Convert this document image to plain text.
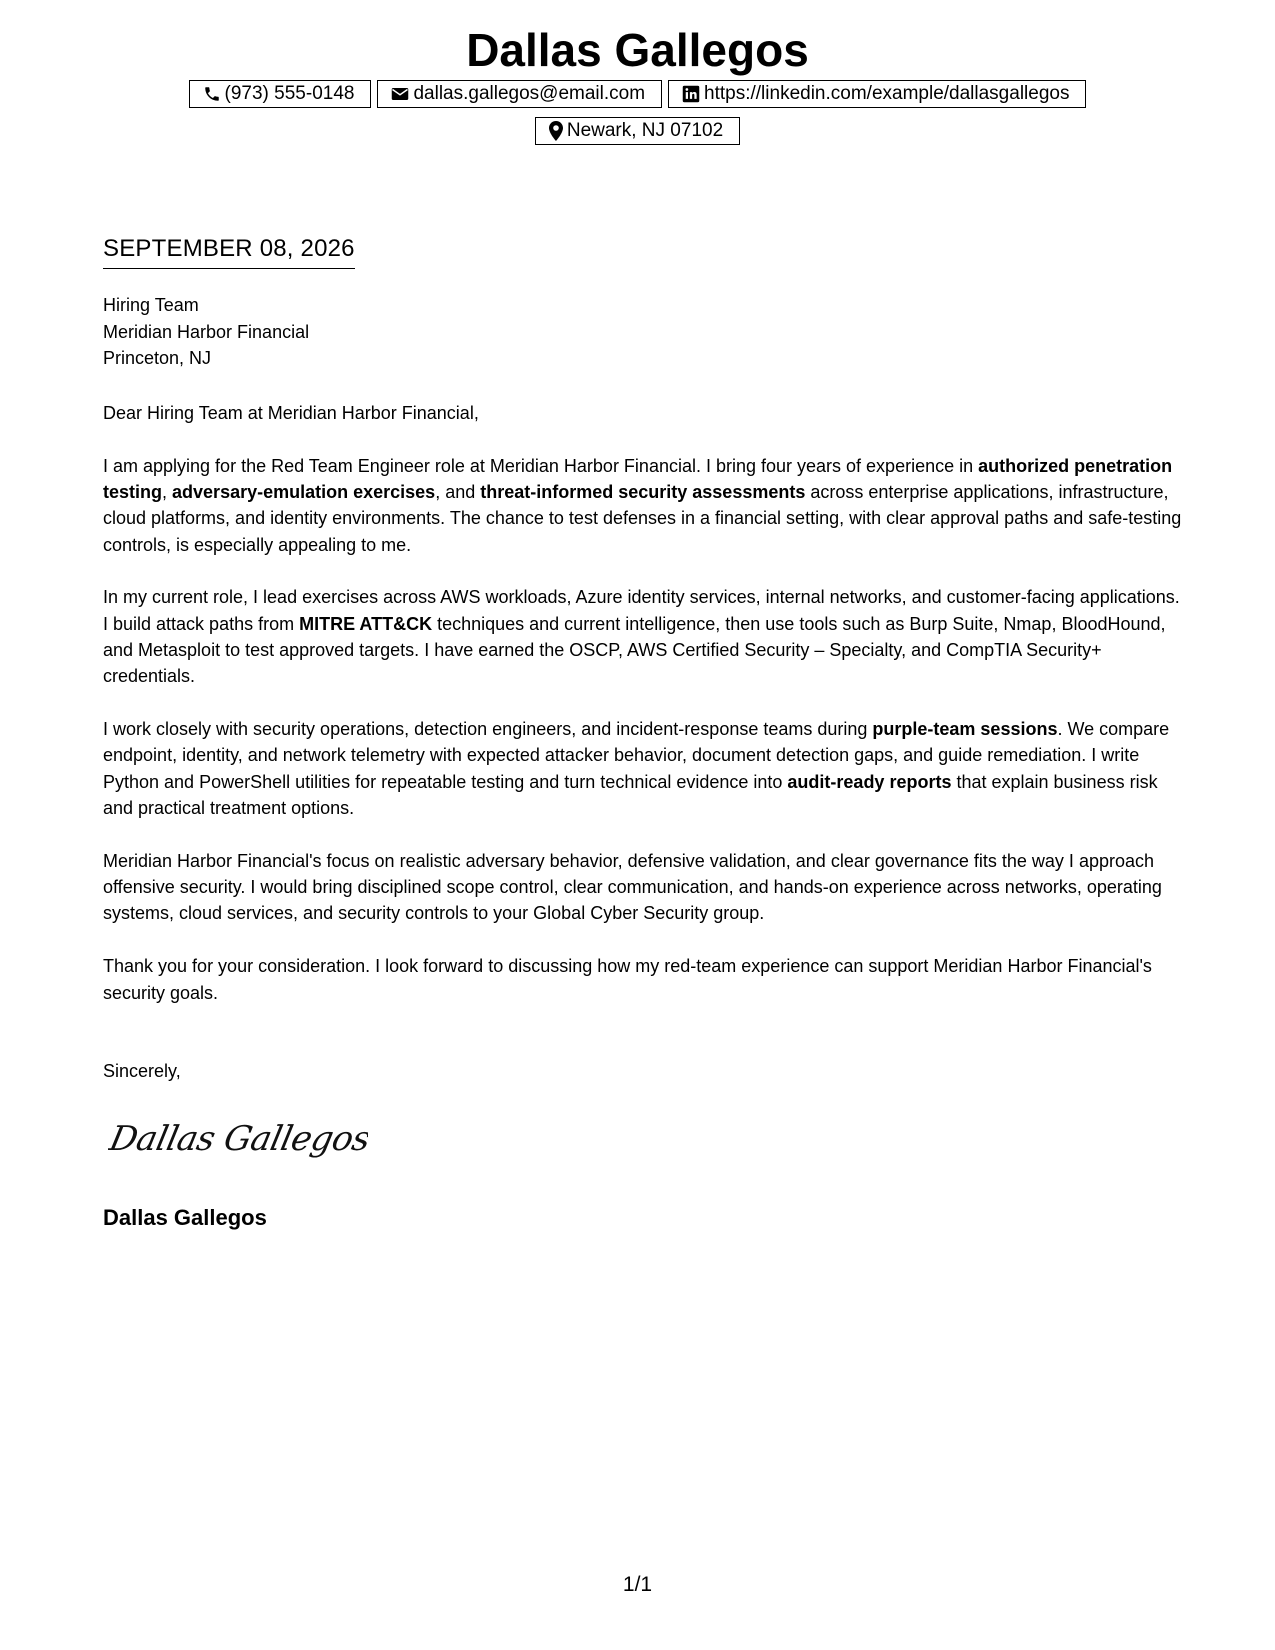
Dallas Gallegos
(973) 555-0148	dallas.gallegos@email.com	https://linkedin.com/example/dallasgallegos
Newark, NJ 07102
SEPTEMBER 08, 2026
Hiring Team
Meridian Harbor Financial
Princeton, NJ

Dear Hiring Team at Meridian Harbor Financial,

I am applying for the Red Team Engineer role at Meridian Harbor Financial. I bring four years of experience in authorized penetration testing, adversary-emulation exercises, and threat-informed security assessments across enterprise applications, infrastructure, cloud platforms, and identity environments. The chance to test defenses in a financial setting, with clear approval paths and safe-testing controls, is especially appealing to me.

In my current role, I lead exercises across AWS workloads, Azure identity services, internal networks, and customer-facing applications. I build attack paths from MITRE ATT&CK techniques and current intelligence, then use tools such as Burp Suite, Nmap, BloodHound, and Metasploit to test approved targets. I have earned the OSCP, AWS Certified Security – Specialty, and CompTIA Security+ credentials.

I work closely with security operations, detection engineers, and incident-response teams during purple-team sessions. We compare endpoint, identity, and network telemetry with expected attacker behavior, document detection gaps, and guide remediation. I write Python and PowerShell utilities for repeatable testing and turn technical evidence into audit-ready reports that explain business risk and practical treatment options.

Meridian Harbor Financial's focus on realistic adversary behavior, defensive validation, and clear governance fits the way I approach offensive security. I would bring disciplined scope control, clear communication, and hands-on experience across networks, operating systems, cloud services, and security controls to your Global Cyber Security group.

Thank you for your consideration. I look forward to discussing how my red-team experience can support Meridian Harbor Financial's security goals.

Sincerely,
Dallas Gallegos
Dallas Gallegos
1/1
